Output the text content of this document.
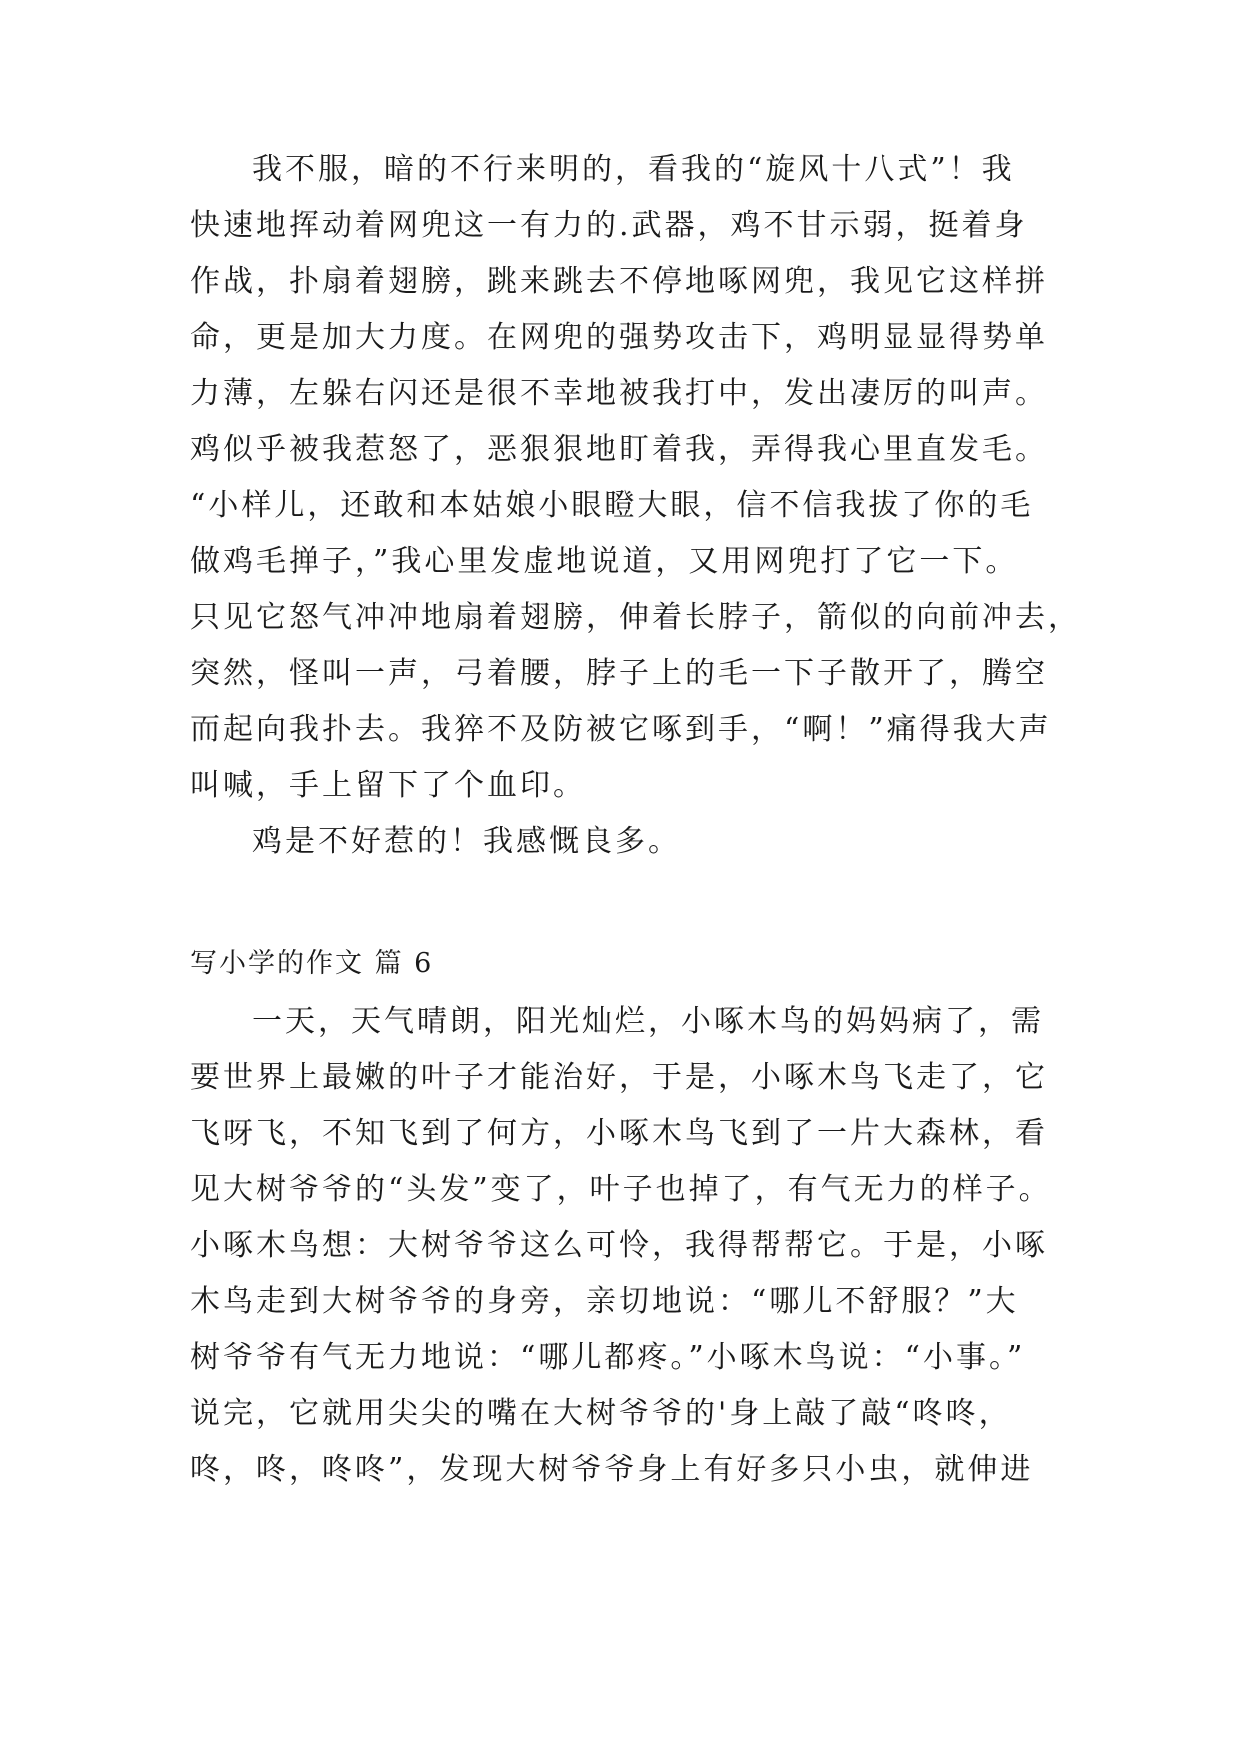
我不服，暗的不行来明的，看我的“旋风十八式”！我
快速地挥动着网兜这一有力的.武器，鸡不甘示弱，挺着身
作战，扑扇着翅膀，跳来跳去不停地啄网兜，我见它这样拼
命，更是加大力度。在网兜的强势攻击下，鸡明显显得势单
力薄，左躲右闪还是很不幸地被我打中，发出凄厉的叫声。
鸡似乎被我惹怒了，恶狠狠地盯着我，弄得我心里直发毛。
“小样儿，还敢和本姑娘小眼瞪大眼，信不信我拔了你的毛
做鸡毛掸子，”我心里发虚地说道，又用网兜打了它一下。
只见它怒气冲冲地扇着翅膀，伸着长脖子，箭似的向前冲去，
突然，怪叫一声，弓着腰，脖子上的毛一下子散开了，腾空
而起向我扑去。我猝不及防被它啄到手，“啊！”痛得我大声
叫喊，手上留下了个血印。
鸡是不好惹的！我感慨良多。
写小学的作文 篇 6
一天，天气晴朗，阳光灿烂，小啄木鸟的妈妈病了，需
要世界上最嫩的叶子才能治好，于是，小啄木鸟飞走了，它
飞呀飞，不知飞到了何方，小啄木鸟飞到了一片大森林，看
见大树爷爷的“头发”变了，叶子也掉了，有气无力的样子。
小啄木鸟想：大树爷爷这么可怜，我得帮帮它。于是，小啄
木鸟走到大树爷爷的身旁，亲切地说：“哪儿不舒服？”大
树爷爷有气无力地说：“哪儿都疼。”小啄木鸟说：“小事。”
说完，它就用尖尖的嘴在大树爷爷的'身上敲了敲“咚咚，
咚，咚，咚咚”，发现大树爷爷身上有好多只小虫，就伸进
